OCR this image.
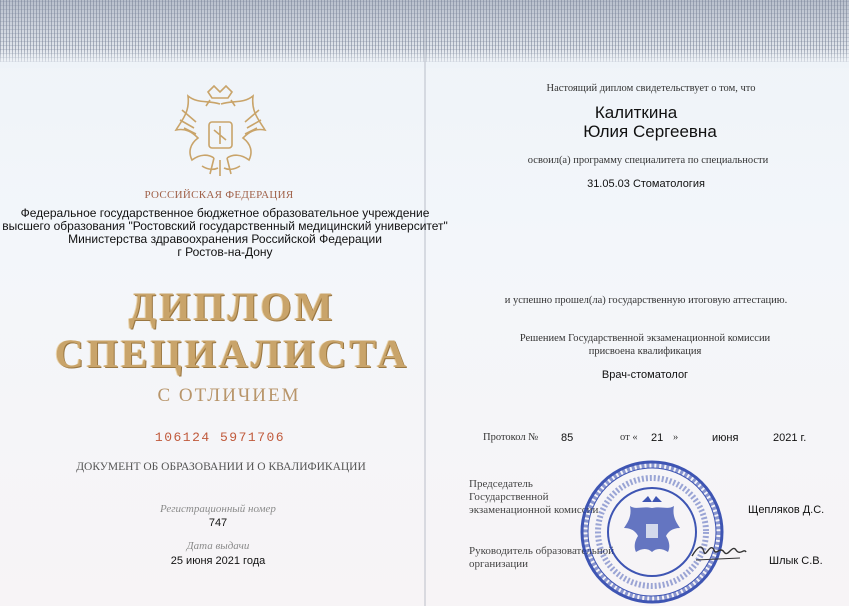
РОССИЙСКАЯ ФЕДЕРАЦИЯ
Федеральное государственное бюджетное образовательное учреждение
высшего образования "Ростовский государственный медицинский университет"
Министерства здравоохранения Российской Федерации
г Ростов-на-Дону
ДИПЛОМ
СПЕЦИАЛИСТА
С ОТЛИЧИЕМ
106124 5971706
ДОКУМЕНТ ОБ ОБРАЗОВАНИИ И О КВАЛИФИКАЦИИ
Регистрационный номер
747
Дата выдачи
25 июня 2021 года
Настоящий диплом свидетельствует о том, что
Калиткина
Юлия Сергеевна
освоил(а) программу специалитета по специальности
31.05.03 Стоматология
и успешно прошел(ла) государственную итоговую аттестацию.
Решением Государственной экзаменационной комиссии
присвоена квалификация
Врач-стоматолог
Протокол № 85	от « 21 »	июня	2021 г.
Председатель
Государственной
экзаменационной комиссии	Щепляков Д.С.
Руководитель образовательной
организации	Шлык С.В.
